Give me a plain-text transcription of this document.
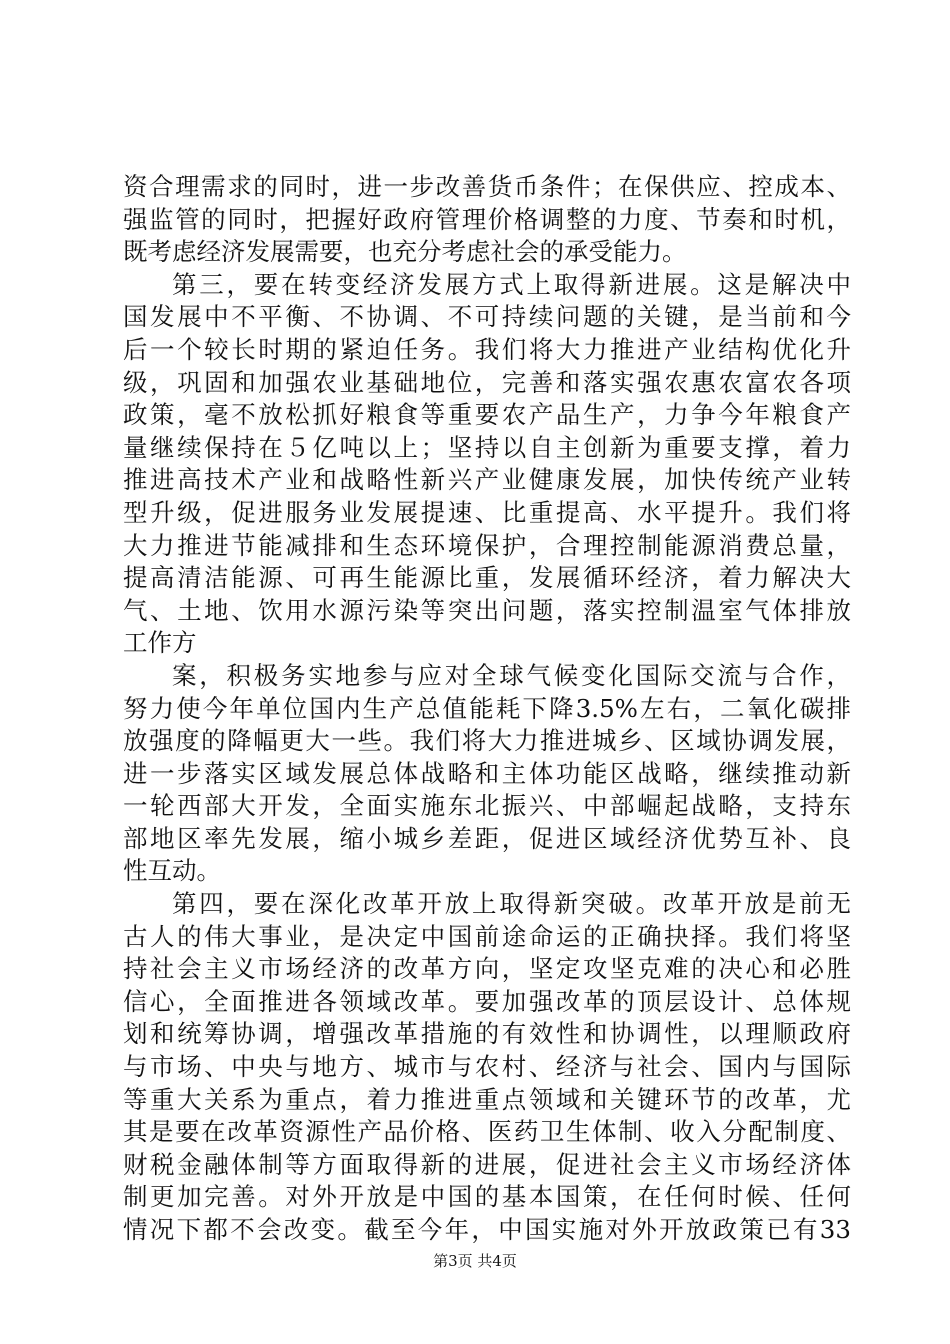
资合理需求的同时，进一步改善货币条件；在保供应、控成本、
强监管的同时，把握好政府管理价格调整的力度、节奏和时机，
既考虑经济发展需要，也充分考虑社会的承受能力。
第三，要在转变经济发展方式上取得新进展。这是解决中
国发展中不平衡、不协调、不可持续问题的关键，是当前和今
后一个较长时期的紧迫任务。我们将大力推进产业结构优化升
级，巩固和加强农业基础地位，完善和落实强农惠农富农各项
政策，毫不放松抓好粮食等重要农产品生产，力争今年粮食产
量继续保持在５亿吨以上；坚持以自主创新为重要支撑，着力
推进高技术产业和战略性新兴产业健康发展，加快传统产业转
型升级，促进服务业发展提速、比重提高、水平提升。我们将
大力推进节能减排和生态环境保护，合理控制能源消费总量，
提高清洁能源、可再生能源比重，发展循环经济，着力解决大
气、土地、饮用水源污染等突出问题，落实控制温室气体排放
工作方
案，积极务实地参与应对全球气候变化国际交流与合作，
努力使今年单位国内生产总值能耗下降3.5%左右，二氧化碳排
放强度的降幅更大一些。我们将大力推进城乡、区域协调发展，
进一步落实区域发展总体战略和主体功能区战略，继续推动新
一轮西部大开发，全面实施东北振兴、中部崛起战略，支持东
部地区率先发展，缩小城乡差距，促进区域经济优势互补、良
性互动。
第四，要在深化改革开放上取得新突破。改革开放是前无
古人的伟大事业，是决定中国前途命运的正确抉择。我们将坚
持社会主义市场经济的改革方向，坚定攻坚克难的决心和必胜
信心，全面推进各领域改革。要加强改革的顶层设计、总体规
划和统筹协调，增强改革措施的有效性和协调性，以理顺政府
与市场、中央与地方、城市与农村、经济与社会、国内与国际
等重大关系为重点，着力推进重点领域和关键环节的改革，尤
其是要在改革资源性产品价格、医药卫生体制、收入分配制度、
财税金融体制等方面取得新的进展，促进社会主义市场经济体
制更加完善。对外开放是中国的基本国策，在任何时候、任何
情况下都不会改变。截至今年，中国实施对外开放政策已有33
第3页 共4页
